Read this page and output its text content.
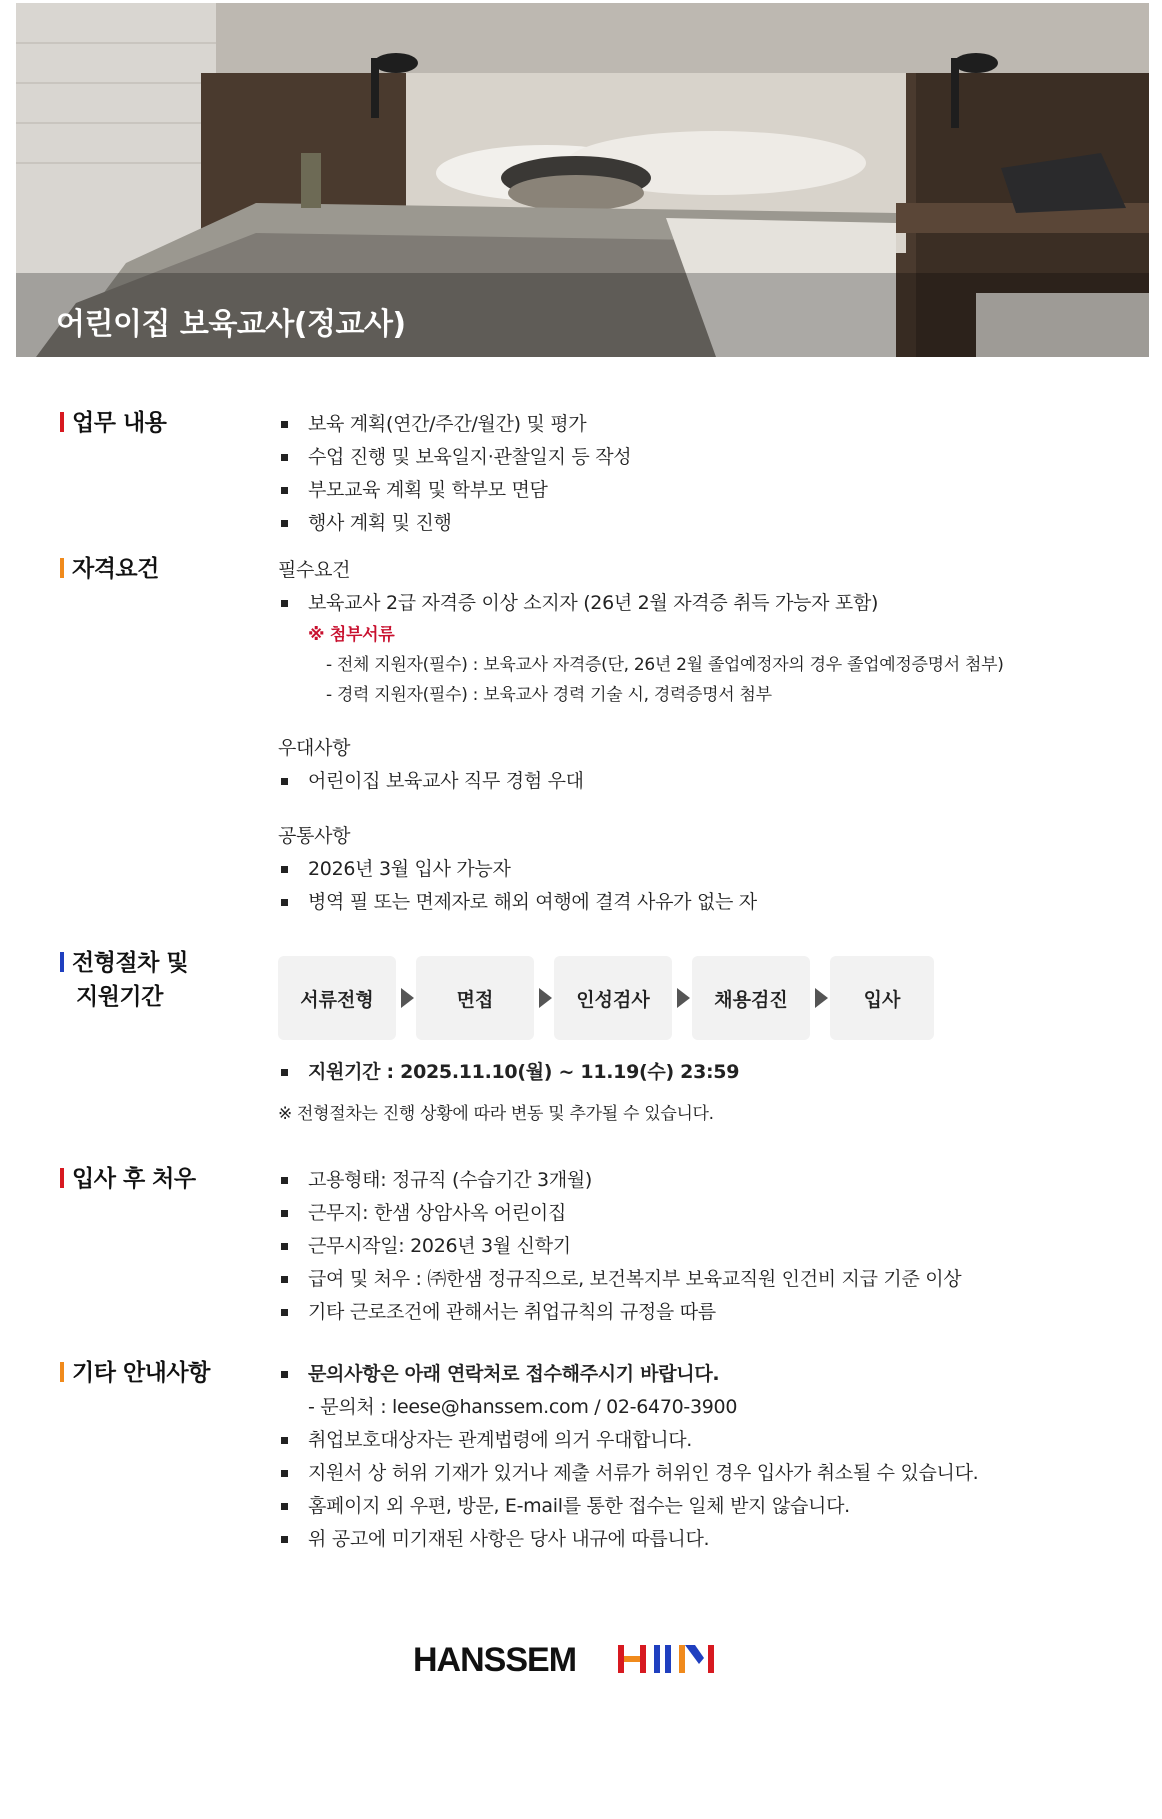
어린이집 보육교사(정교사)
업무 내용	보육 계획(연간/주간/월간) 및 평가
수업 진행 및 보육일지·관찰일지 등 작성
부모교육 계획 및 학부모 면담
행사 계획 및 진행
자격요건	필수요건
보육교사 2급 자격증 이상 소지자 (26년 2월 자격증 취득 가능자 포함)
※ 첨부서류
- 전체 지원자(필수) : 보육교사 자격증(단, 26년 2월 졸업예정자의 경우 졸업예정증명서 첨부)
- 경력 지원자(필수) : 보육교사 경력 기술 시, 경력증명서 첨부
우대사항
어린이집 보육교사 직무 경험 우대
공통사항
2026년 3월 입사 가능자
병역 필 또는 면제자로 해외 여행에 결격 사유가 없는 자
전형절차 및
지원기간	서류전형	면접	인성검사	채용검진	입사
지원기간 : 2025.11.10(월) ~ 11.19(수) 23:59
※ 전형절차는 진행 상황에 따라 변동 및 추가될 수 있습니다.
입사 후 처우	고용형태: 정규직 (수습기간 3개월)
근무지: 한샘 상암사옥 어린이집
근무시작일: 2026년 3월 신학기
급여 및 처우 : ㈜한샘 정규직으로, 보건복지부 보육교직원 인건비 지급 기준 이상
기타 근로조건에 관해서는 취업규칙의 규정을 따름
기타 안내사항	문의사항은 아래 연락처로 접수해주시기 바랍니다.
- 문의처 : leese@hanssem.com / 02-6470-3900
취업보호대상자는 관계법령에 의거 우대합니다.
지원서 상 허위 기재가 있거나 제출 서류가 허위인 경우 입사가 취소될 수 있습니다.
홈페이지 외 우편, 방문, E-mail를 통한 접수는 일체 받지 않습니다.
위 공고에 미기재된 사항은 당사 내규에 따릅니다.
HANSSEM
